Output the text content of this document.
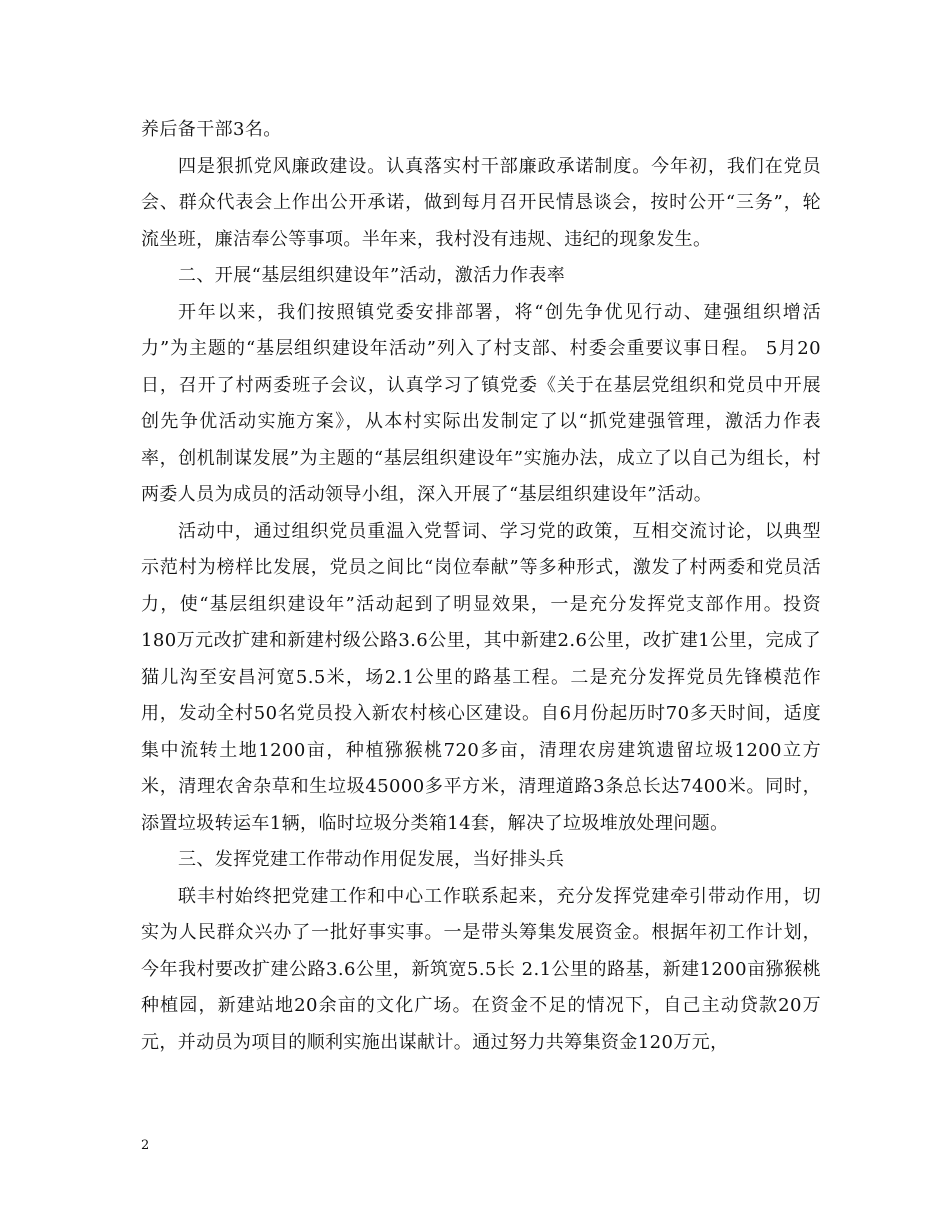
养后备干部3名。

四是狠抓党风廉政建设。认真落实村干部廉政承诺制度。今年初，我们在党员会、群众代表会上作出公开承诺，做到每月召开民情恳谈会，按时公开“三务”，轮流坐班，廉洁奉公等事项。半年来，我村没有违规、违纪的现象发生。

二、开展“基层组织建设年”活动，激活力作表率

开年以来，我们按照镇党委安排部署，将“创先争优见行动、建强组织增活力”为主题的“基层组织建设年活动”列入了村支部、村委会重要议事日程。 5月20日，召开了村两委班子会议，认真学习了镇党委《关于在基层党组织和党员中开展创先争优活动实施方案》，从本村实际出发制定了以“抓党建强管理，激活力作表率，创机制谋发展”为主题的“基层组织建设年”实施办法，成立了以自己为组长，村两委人员为成员的活动领导小组，深入开展了“基层组织建设年”活动。

活动中，通过组织党员重温入党誓词、学习党的政策，互相交流讨论，以典型示范村为榜样比发展，党员之间比“岗位奉献”等多种形式，激发了村两委和党员活力，使“基层组织建设年”活动起到了明显效果，一是充分发挥党支部作用。投资180万元改扩建和新建村级公路3.6公里，其中新建2.6公里，改扩建1公里，完成了猫儿沟至安昌河宽5.5米，场2.1公里的路基工程。二是充分发挥党员先锋模范作用，发动全村50名党员投入新农村核心区建设。自6月份起历时70多天时间，适度集中流转土地1200亩，种植猕猴桃720多亩，清理农房建筑遗留垃圾1200立方米，清理农舍杂草和生垃圾45000多平方米，清理道路3条总长达7400米。同时，添置垃圾转运车1辆，临时垃圾分类箱14套，解决了垃圾堆放处理问题。

三、发挥党建工作带动作用促发展，当好排头兵

联丰村始终把党建工作和中心工作联系起来，充分发挥党建牵引带动作用，切实为人民群众兴办了一批好事实事。一是带头筹集发展资金。根据年初工作计划，今年我村要改扩建公路3.6公里，新筑宽5.5长 2.1公里的路基，新建1200亩猕猴桃种植园，新建站地20余亩的文化广场。在资金不足的情况下，自己主动贷款20万元，并动员为项目的顺利实施出谋献计。通过努力共筹集资金120万元，

2
